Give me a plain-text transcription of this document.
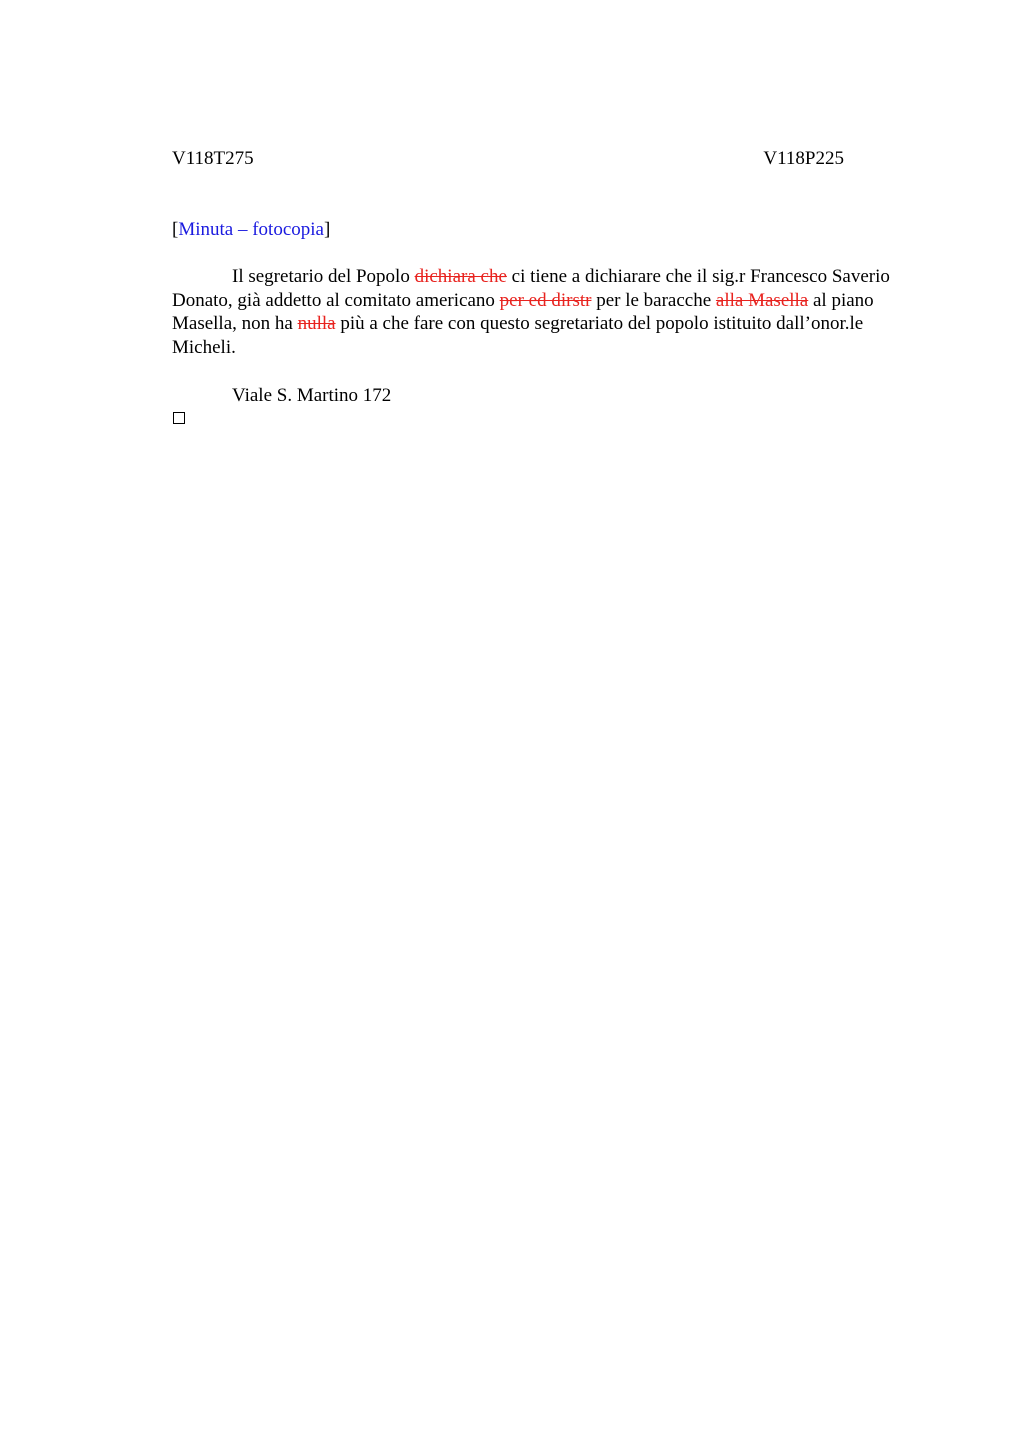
V118T275	V118P225
[Minuta – fotocopia]

Il segretario del Popolo dichiara che ci tiene a dichiarare che il sig.r Francesco Saverio Donato, già addetto al comitato americano per ed dirstr per le baracche alla Masella al piano Masella, non ha nulla più a che fare con questo segretariato del popolo istituito dall’onor.le Micheli.

Viale S. Martino 172
